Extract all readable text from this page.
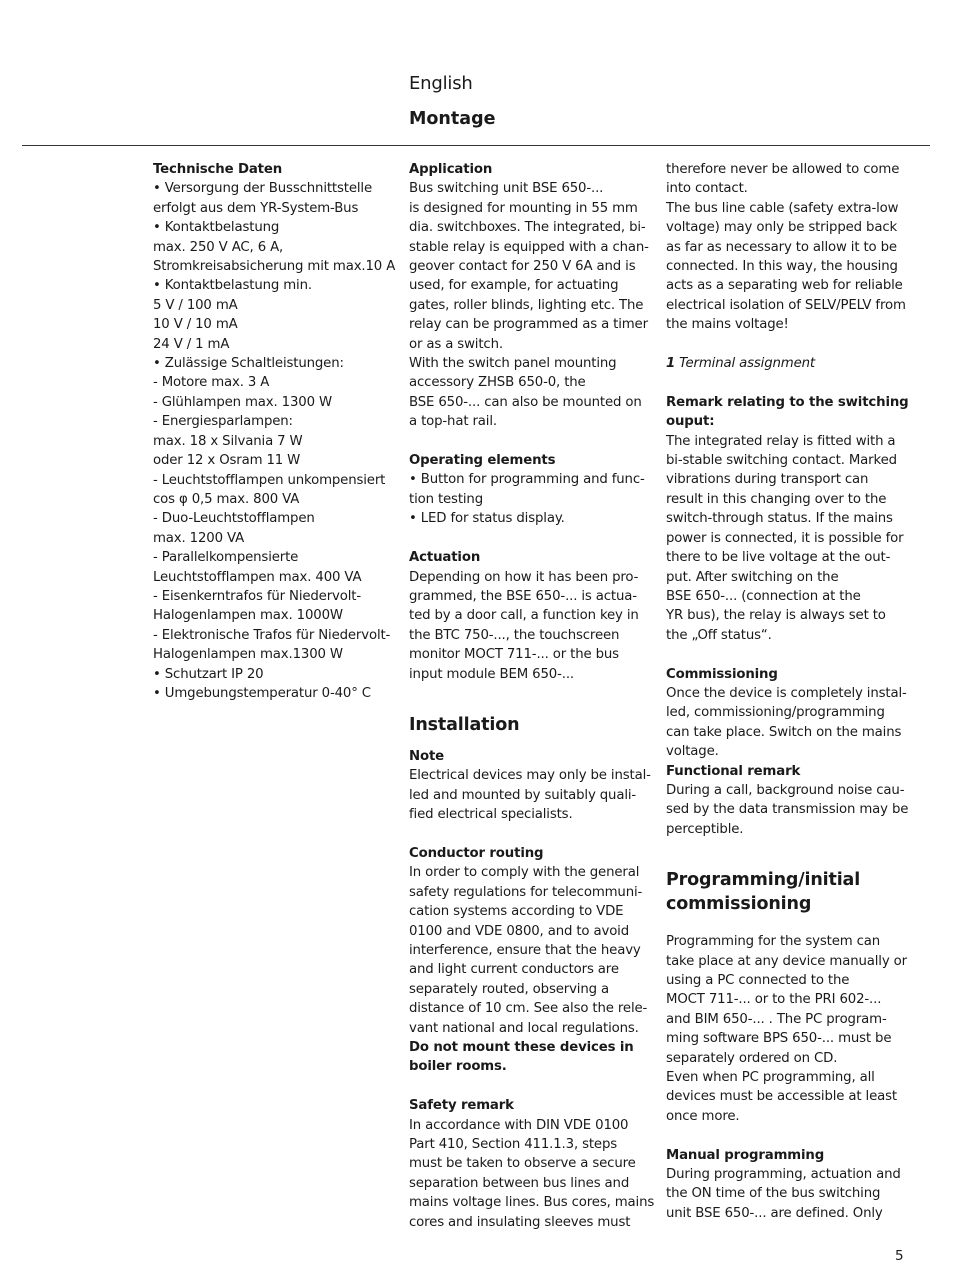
English
Montage
Technische Daten
• Versorgung der Busschnittstelle
erfolgt aus dem YR-System-Bus
• Kontaktbelastung
max. 250 V AC, 6 A,
Stromkreisabsicherung mit max.10 A
• Kontaktbelastung min.
5 V / 100 mA
10 V / 10 mA
24 V / 1 mA
• Zulässige Schaltleistungen:
- Motore max. 3 A
- Glühlampen max. 1300 W
- Energiesparlampen:
max. 18 x Silvania 7 W
oder 12 x Osram 11 W
- Leuchtstofflampen unkompensiert
cos φ 0,5 max. 800 VA
- Duo-Leuchtstofflampen
max. 1200 VA
- Parallelkompensierte
Leuchtstofflampen max. 400 VA
- Eisenkerntrafos für Niedervolt-
Halogenlampen max. 1000W
- Elektronische Trafos für Niedervolt-
Halogenlampen max.1300 W
• Schutzart IP 20
• Umgebungstemperatur 0-40° C
Application
Bus switching unit BSE 650-...
is designed for mounting in 55 mm
dia. switchboxes. The integrated, bi-
stable relay is equipped with a chan-
geover contact for 250 V 6A and is
used, for example, for actuating
gates, roller blinds, lighting etc. The
relay can be programmed as a timer
or as a switch.
With the switch panel mounting
accessory ZHSB 650-0, the
BSE 650-... can also be mounted on
a top-hat rail.
Operating elements
• Button for programming and func-
tion testing
• LED for status display.
Actuation
Depending on how it has been pro-
grammed, the BSE 650-... is actua-
ted by a door call, a function key in
the BTC 750-..., the touchscreen
monitor MOCT 711-... or the bus
input module BEM 650-...
Installation
Note
Electrical devices may only be instal-
led and mounted by suitably quali-
fied electrical specialists.
Conductor routing
In order to comply with the general
safety regulations for telecommuni-
cation systems according to VDE
0100 and VDE 0800, and to avoid
interference, ensure that the heavy
and light current conductors are
separately routed, observing a
distance of 10 cm. See also the rele-
vant national and local regulations.
Do not mount these devices in
boiler rooms.
Safety remark
In accordance with DIN VDE 0100
Part 410, Section 411.1.3, steps
must be taken to observe a secure
separation between bus lines and
mains voltage lines. Bus cores, mains
cores and insulating sleeves must
therefore never be allowed to come
into contact.
The bus line cable (safety extra-low
voltage) may only be stripped back
as far as necessary to allow it to be
connected. In this way, the housing
acts as a separating web for reliable
electrical isolation of SELV/PELV from
the mains voltage!
1 Terminal assignment
Remark relating to the switching
ouput:
The integrated relay is fitted with a
bi-stable switching contact. Marked
vibrations during transport can
result in this changing over to the
switch-through status. If the mains
power is connected, it is possible for
there to be live voltage at the out-
put. After switching on the
BSE 650-... (connection at the
YR bus), the relay is always set to
the „Off status“.
Commissioning
Once the device is completely instal-
led, commissioning/programming
can take place. Switch on the mains
voltage.
Functional remark
During a call, background noise cau-
sed by the data transmission may be
perceptible.
Programming/initial
commissioning
Programming for the system can
take place at any device manually or
using a PC connected to the
MOCT 711-... or to the PRI 602-...
and BIM 650-... . The PC program-
ming software BPS 650-... must be
separately ordered on CD.
Even when PC programming, all
devices must be accessible at least
once more.
Manual programming
During programming, actuation and
the ON time of the bus switching
unit BSE 650-... are defined. Only
5
